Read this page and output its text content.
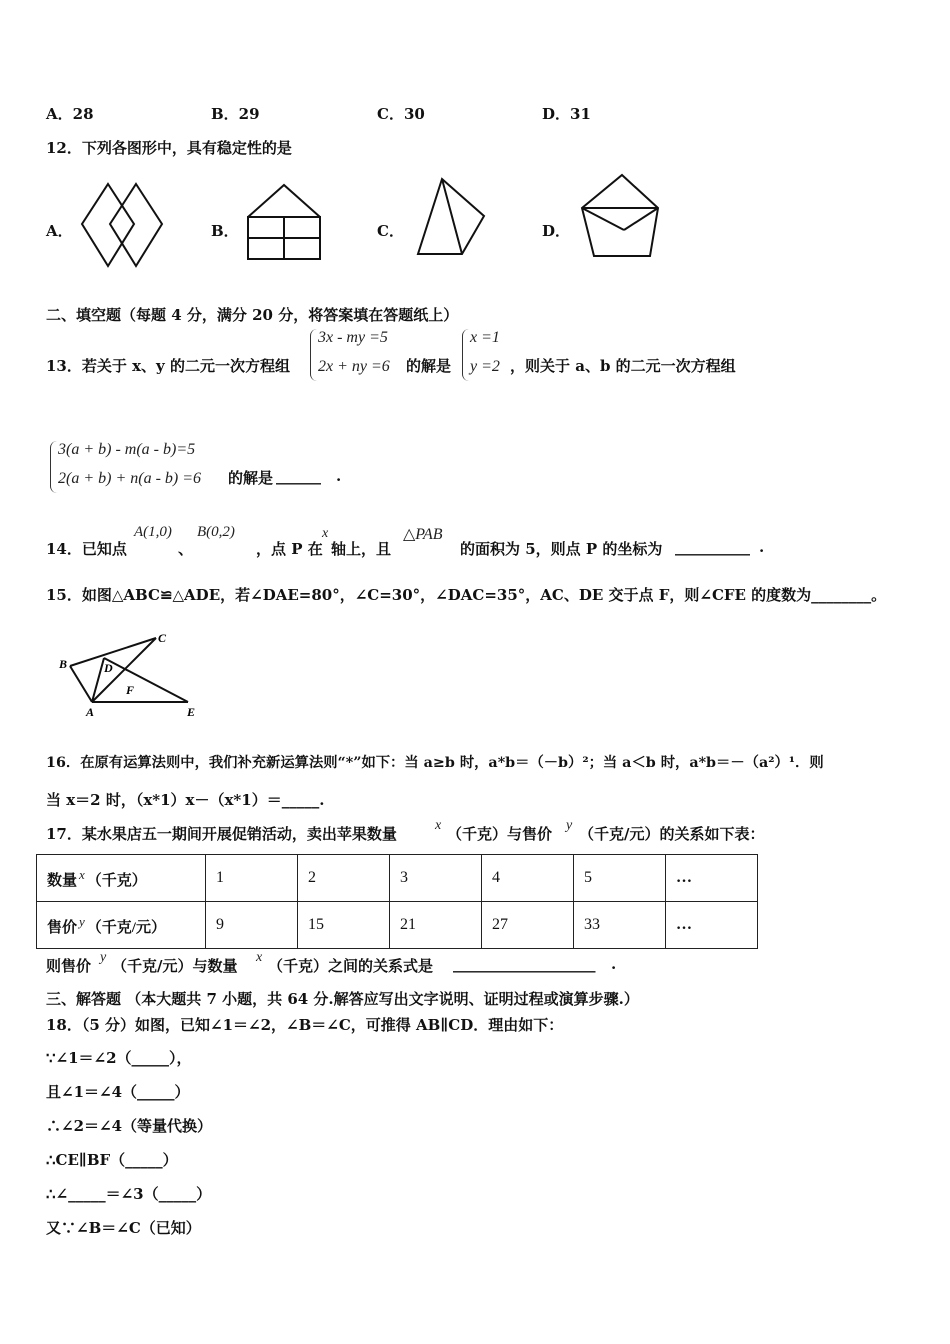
A．28	B．29	C．30	D．31
12．下列各图形中，具有稳定性的是
A．	B．	C．	D．
二、填空题（每题 4 分，满分 20 分，将答案填在答题纸上）
13．若关于 x、y 的二元一次方程组
3x - my =5
2x + ny =6 的解是
x =1
y =2 ，则关于 a、b 的二元一次方程组
3(a + b) - m(a - b)=5
2(a + b) + n(a - b) =6 的解是 ______ .
14．已知点
A(1,0)
、
B(0,2)
，点 P 在
x
轴上，且
△PAB
的面积为 5，则点 P 的坐标为 __________ .
15．如图△ABC≌△ADE，若∠DAE=80°，∠C=30°，∠DAC=35°，AC、DE 交于点 F，则∠CFE 的度数为________。
C
B	D
F
A	E
16．在原有运算法则中，我们补充新运算法则“*”如下：当 a≥b 时，a*b＝（－b）²；当 a＜b 时，a*b＝－（a²）¹．则
当 x＝2 时，（x*1）x－（x*1）＝_____.
17．某水果店五一期间开展促销活动，卖出苹果数量	x （千克）与售价 y （千克/元）的关系如下表：
数量 x （千克）	1	2	3	4	5	…
售价 y （千克/元）	9	15	21	27	33	…
则售价 y （千克/元）与数量 x （千克）之间的关系式是 ___________________ .
三、解答题 （本大题共 7 小题，共 64 分.解答应写出文字说明、证明过程或演算步骤.）
18．（5 分）如图，已知∠1＝∠2，∠B＝∠C，可推得 AB∥CD．理由如下：
∵∠1＝∠2（_____），
且∠1＝∠4（_____）
∴∠2＝∠4（等量代换）
∴CE∥BF（_____）
∴∠_____＝∠3（_____）
又∵∠B＝∠C（已知）
